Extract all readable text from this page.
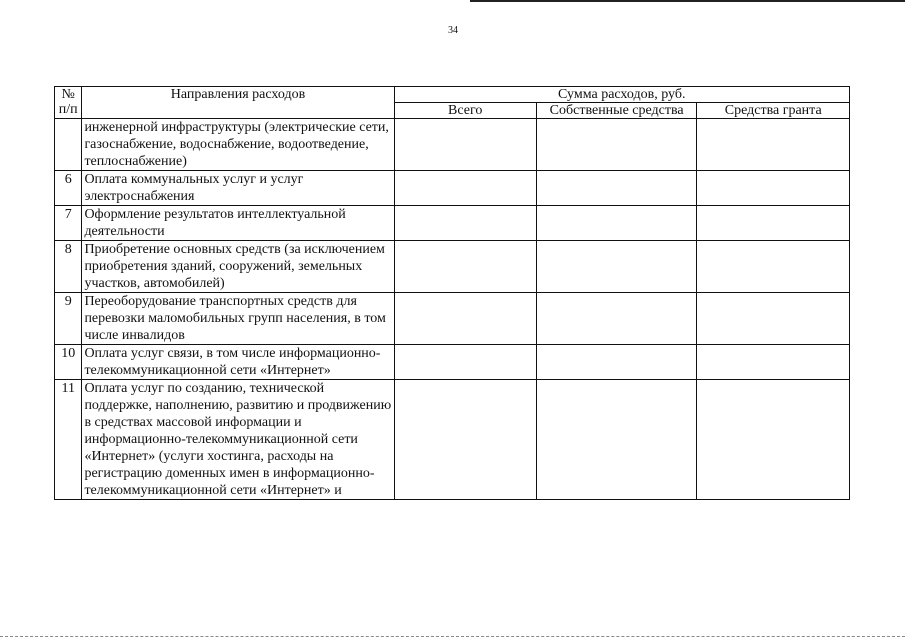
34
№
п/п	Направления расходов	Сумма расходов, руб.		
		Всего	Собственные средства	Средства гранта
	инженерной инфраструктуры (электрические сети, газоснабжение, водоснабжение, водоотведение, теплоснабжение)			
6	Оплата коммунальных услуг и услуг электроснабжения			
7	Оформление результатов интеллектуальной деятельности			
8	Приобретение основных средств (за исключением приобретения зданий, сооружений, земельных участков, автомобилей)			
9	Переоборудование транспортных средств для перевозки маломобильных групп населения, в том числе инвалидов			
10	Оплата услуг связи, в том числе информационно-телекоммуникационной сети «Интернет»			
11	Оплата услуг по созданию, технической поддержке, наполнению, развитию и продвижению в средствах массовой информации и информационно-телекоммуникационной сети «Интернет» (услуги хостинга, расходы на регистрацию доменных имен в информационно-телекоммуникационной сети «Интернет» и			
